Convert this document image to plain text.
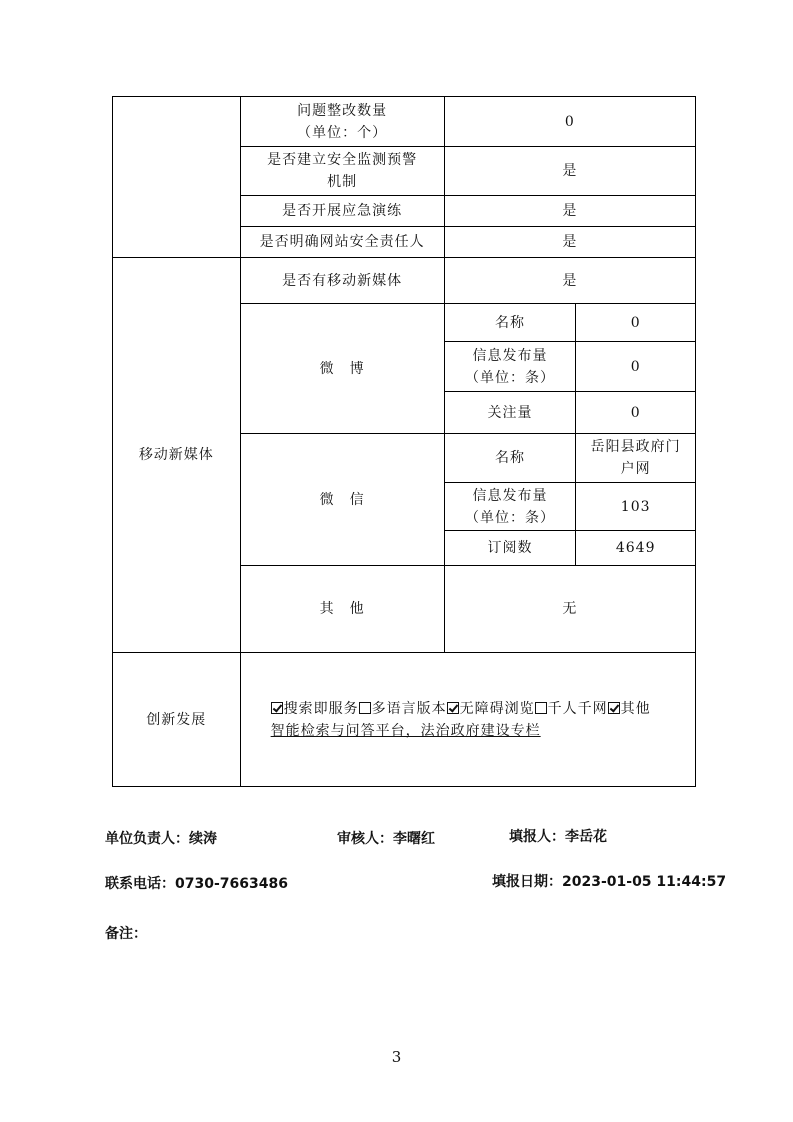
	问题整改数量
（单位：个）	0	
	是否建立安全监测预警
机制	是	
	是否开展应急演练	是	
	是否明确网站安全责任人	是	
移动新媒体	是否有移动新媒体	是	
	微　博	名称	0
		信息发布量
（单位：条）	0
		关注量	0
	微　信	名称	岳阳县政府门
户网
		信息发布量
（单位：条）	103
		订阅数	4649
	其　他	无	
创新发展	搜索即服务 多语言版本 无障碍浏览 千人千网 其他
智能检索与问答平台，法治政府建设专栏		
单位负责人：续涛	审核人：李曙红	填报人：李岳花
联系电话：0730-7663486	填报日期：2023-01-05 11:44:57
备注：
3
